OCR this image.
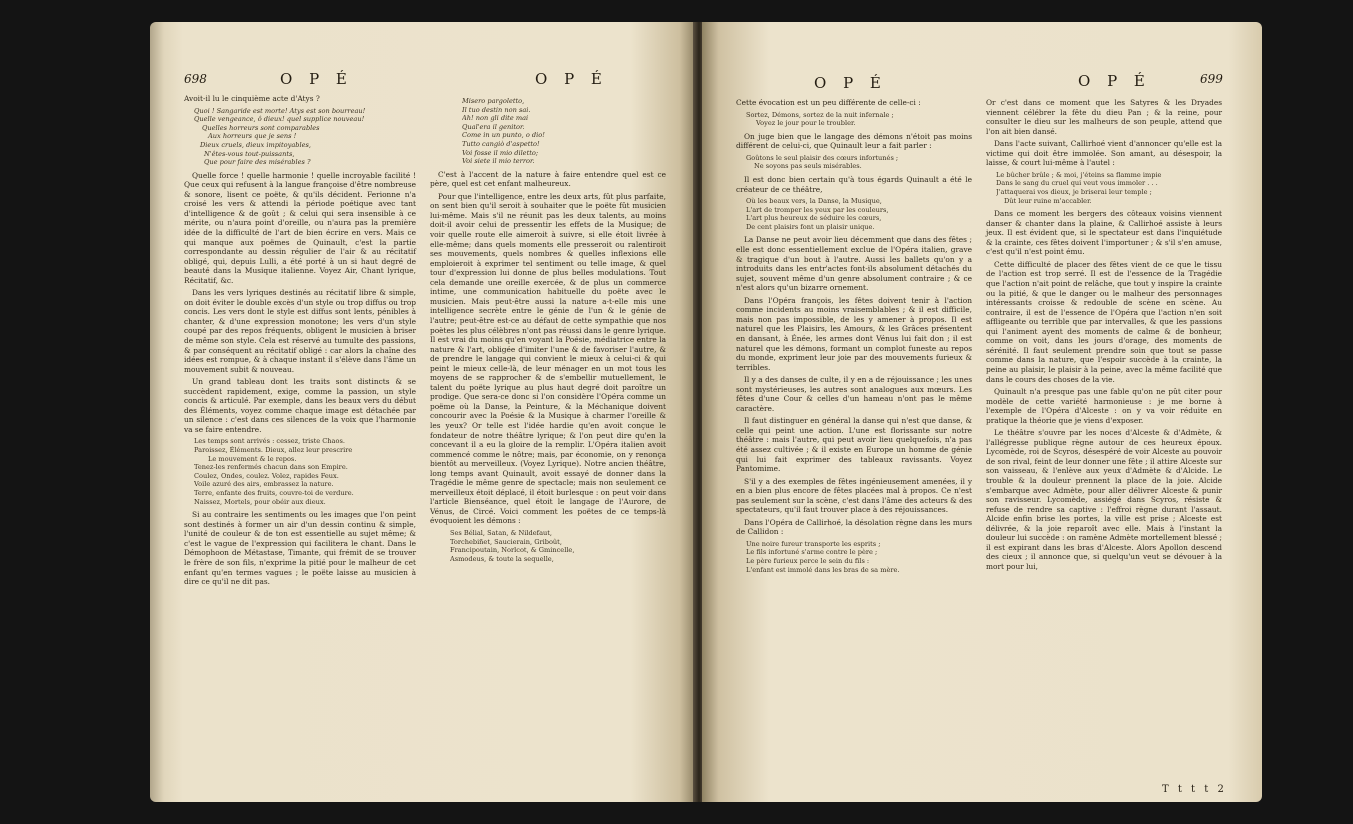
698	O P É	O P É

Avoit-il lu le cinquième acte d'Atys ?

Quoi ! Sangaride est morte! Atys est son bourreau!
Quelle vengeance, ô dieux! quel supplice nouveau!
Quelles horreurs sont comparables
Aux horreurs que je sens !
Dieux cruels, dieux impitoyables,
N'êtes-vous tout-puissants,
Que pour faire des misérables ?

Quelle force ! quelle harmonie ! quelle incroyable facilité ! Que ceux qui refusent à la langue françoise d'être nombreuse & sonore, lisent ce poëte, & qu'ils décident. Ferionne n'a croisé les vers & attendi la période poétique avec tant d'intelligence & de goût ; & celui qui sera insensible à ce mérite, ou n'aura point d'oreille, ou n'aura pas la première idée de la difficulté de l'art de bien écrire en vers. Mais ce qui manque aux poëmes de Quinault, c'est la partie correspondante au dessin régulier de l'air & au récitatif obligé, qui, depuis Lulli, a été porté à un si haut degré de beauté dans la Musique italienne. Voyez Air, Chant lyrique, Récitatif, &c.

Dans les vers lyriques destinés au récitatif libre & simple, on doit éviter le double excès d'un style ou trop diffus ou trop concis. Les vers dont le style est diffus sont lents, pénibles à chanter, & d'une expression monotone; les vers d'un style coupé par des repos fréquents, obligent le musicien à briser de même son style. Cela est réservé au tumulte des passions, & par conséquent au récitatif obligé : car alors la chaîne des idées est rompue, & à chaque instant il s'élève dans l'âme un mouvement subit & nouveau.

Un grand tableau dont les traits sont distincts & se succèdent rapidement, exige, comme la passion, un style concis & articulé. Par exemple, dans les beaux vers du début des Éléments, voyez comme chaque image est détachée par un silence : c'est dans ces silences de la voix que l'harmonie va se faire entendre.

Les temps sont arrivés : cessez, triste Chaos.
Paroissez, Éléments. Dieux, allez leur prescrire
Le mouvement & le repos.
Tenez-les renfermés chacun dans son Empire.
Coulez, Ondes, coulez. Volez, rapides Feux.
Voile azuré des airs, embrassez la nature.
Terre, enfante des fruits, couvre-toi de verdure.
Naissez, Mortels, pour obéir aux dieux.

Si au contraire les sentiments ou les images que l'on peint sont destinés à former un air d'un dessin continu & simple, l'unité de couleur & de ton est essentielle au sujet même; & c'est le vague de l'expression qui facilitera le chant. Dans le Démophoon de Métastase, Timante, qui frémit de se trouver le frère de son fils, n'exprime la pitié pour le malheur de cet enfant qu'en termes vagues ; le poëte laisse au musicien à dire ce qu'il ne dit pas.

Misero pargoletto,
Il tuo destin non sai.
Ah! non gli dite mai
Qual'era il genitor.
Come in un punto, o dio!
Tutto cangiò d'aspetto!
Voi fosse il mio diletto;
Voi siete il mio terror.

C'est à l'accent de la nature à faire entendre quel est ce père, quel est cet enfant malheureux.

Pour que l'intelligence, entre les deux arts, fût plus parfaite, on sent bien qu'il seroit à souhaiter que le poëte fût musicien lui-même. Mais s'il ne réunit pas les deux talents, au moins doit-il avoir celui de pressentir les effets de la Musique; de voir quelle route elle aimeroit à suivre, si elle étoit livrée à elle-même; dans quels moments elle presseroit ou ralentiroit ses mouvements, quels nombres & quelles inflexions elle emploieroit à exprimer tel sentiment ou telle image, & quel tour d'expression lui donne de plus belles modulations. Tout cela demande une oreille exercée, & de plus un commerce intime, une communication habituelle du poëte avec le musicien. Mais peut-être aussi la nature a-t-elle mis une intelligence secrète entre le génie de l'un & le génie de l'autre; peut-être est-ce au défaut de cette sympathie que nos poètes les plus célèbres n'ont pas réussi dans le genre lyrique. Il est vrai du moins qu'en voyant la Poésie, médiatrice entre la nature & l'art, obligée d'imiter l'une & de favoriser l'autre, & de prendre le langage qui convient le mieux à celui-ci & qui peint le mieux celle-là, de leur ménager en un mot tous les moyens de se rapprocher & de s'embellir mutuellement, le talent du poëte lyrique au plus haut degré doit paroître un prodige. Que sera-ce donc si l'on considère l'Opéra comme un poëme où la Danse, la Peinture, & la Méchanique doivent concourir avec la Poésie & la Musique à charmer l'oreille & les yeux? Or telle est l'idée hardie qu'en avoit conçue le fondateur de notre théâtre lyrique; & l'on peut dire qu'en la concevant il a eu la gloire de la remplir. L'Opéra italien avoit commencé comme le nôtre; mais, par économie, on y renonça bientôt au merveilleux. (Voyez Lyrique). Notre ancien théâtre, long temps avant Quinault, avoit essayé de donner dans la Tragédie le même genre de spectacle; mais non seulement ce merveilleux étoit déplacé, il étoit burlesque : on peut voir dans l'article Bienséance, quel étoit le langage de l'Aurore, de Vénus, de Circé. Voici comment les poëtes de ce temps-là évoquoient les démons :

Ses Bélial, Satan, & Nildefaut,
Torchebiñet, Saucierain, Griboût,
Francipoutain, Norlcot, & Gmincelle,
Asmodeus, & toute la sequelle,
O P É	O P É	699

Cette évocation est un peu différente de celle-ci :

Sortez, Démons, sortez de la nuit infernale ;
Voyez le jour pour le troubler.

On juge bien que le langage des démons n'étoit pas moins différent de celui-ci, que Quinault leur a fait parler :

Goûtons le seul plaisir des cœurs infortunés ;
Ne soyons pas seuls misérables.

Il est donc bien certain qu'à tous égards Quinault a été le créateur de ce théâtre,

Où les beaux vers, la Danse, la Musique,
L'art de tromper les yeux par les couleurs,
L'art plus heureux de séduire les cœurs,
De cent plaisirs font un plaisir unique.

La Danse ne peut avoir lieu décemment que dans des fêtes ; elle est donc essentiellement exclue de l'Opéra italien, grave & tragique d'un bout à l'autre. Aussi les ballets qu'on y a introduits dans les entr'actes font-ils absolument détachés du sujet, souvent même d'un genre absolument contraire ; & ce n'est alors qu'un bizarre ornement.

Dans l'Opéra françois, les fêtes doivent tenir à l'action comme incidents au moins vraisemblables ; & il est difficile, mais non pas impossible, de les y amener à propos. Il est naturel que les Plaisirs, les Amours, & les Grâces présentent en dansant, à Énée, les armes dont Vénus lui fait don ; il est naturel que les démons, formant un complot funeste au repos du monde, expriment leur joie par des mouvements furieux & terribles.

Il y a des danses de culte, il y en a de réjouissance ; les unes sont mystérieuses, les autres sont analogues aux mœurs. Les fêtes d'une Cour & celles d'un hameau n'ont pas le même caractère.

Il faut distinguer en général la danse qui n'est que danse, & celle qui peint une action. L'une est florissante sur notre théâtre : mais l'autre, qui peut avoir lieu quelquefois, n'a pas été assez cultivée ; & il existe en Europe un homme de génie qui lui fait exprimer des tableaux ravissants. Voyez Pantomime.

S'il y a des exemples de fêtes ingénieusement amenées, il y en a bien plus encore de fêtes placées mal à propos. Ce n'est pas seulement sur la scène, c'est dans l'âme des acteurs & des spectateurs, qu'il faut trouver place à des réjouissances.

Dans l'Opéra de Callirhoé, la désolation règne dans les murs de Callidon :

Une noire fureur transporte les esprits ;
Le fils infortuné s'arme contre le père ;
Le père furieux perce le sein du fils :
L'enfant est immolé dans les bras de sa mère.

Or c'est dans ce moment que les Satyres & les Dryades viennent célébrer la fête du dieu Pan ; & la reine, pour consulter le dieu sur les malheurs de son peuple, attend que l'on ait bien dansé.

Dans l'acte suivant, Callirhoé vient d'annoncer qu'elle est la victime qui doit être immolée. Son amant, au désespoir, la laisse, & court lui-même à l'autel :

Le bûcher brûle ; & moi, j'éteins sa flamme impie
Dans le sang du cruel qui veut vous immoler . . .
J'attaquerai vos dieux, je briserai leur temple ;
Dût leur ruine m'accabler.

Dans ce moment les bergers des côteaux voisins viennent danser & chanter dans la plaine, & Callirhoé assiste à leurs jeux. Il est évident que, si le spectateur est dans l'inquiétude & la crainte, ces fêtes doivent l'importuner ; & s'il s'en amuse, c'est qu'il n'est point ému.

Cette difficulté de placer des fêtes vient de ce que le tissu de l'action est trop serré. Il est de l'essence de la Tragédie que l'action n'ait point de relâche, que tout y inspire la crainte ou la pitié, & que le danger ou le malheur des personnages intéressants croisse & redouble de scène en scène. Au contraire, il est de l'essence de l'Opéra que l'action n'en soit affligeante ou terrible que par intervalles, & que les passions qui l'animent ayent des moments de calme & de bonheur, comme on voit, dans les jours d'orage, des moments de sérénité. Il faut seulement prendre soin que tout se passe comme dans la nature, que l'espoir succède à la crainte, la peine au plaisir, le plaisir à la peine, avec la même facilité que dans le cours des choses de la vie.

Quinault n'a presque pas une fable qu'on ne pût citer pour modèle de cette variété harmonieuse : je me borne à l'exemple de l'Opéra d'Alceste : on y va voir réduite en pratique la théorie que je viens d'exposer.

Le théâtre s'ouvre par les noces d'Alceste & d'Admète, & l'allégresse publique règne autour de ces heureux époux. Lycomède, roi de Scyros, désespéré de voir Alceste au pouvoir de son rival, feint de leur donner une fête ; il attire Alceste sur son vaisseau, & l'enlève aux yeux d'Admète & d'Alcide. Le trouble & la douleur prennent la place de la joie. Alcide s'embarque avec Admète, pour aller délivrer Alceste & punir son ravisseur. Lycomède, assiégé dans Scyros, résiste & refuse de rendre sa captive : l'effroi règne durant l'assaut. Alcide enfin brise les portes, la ville est prise ; Alceste est délivrée, & la joie reparoît avec elle. Mais à l'instant la douleur lui succède : on ramène Admète mortellement blessé ; il est expirant dans les bras d'Alceste. Alors Apollon descend des cieux ; il annonce que, si quelqu'un veut se dévouer à la mort pour lui,

T t t t 2
